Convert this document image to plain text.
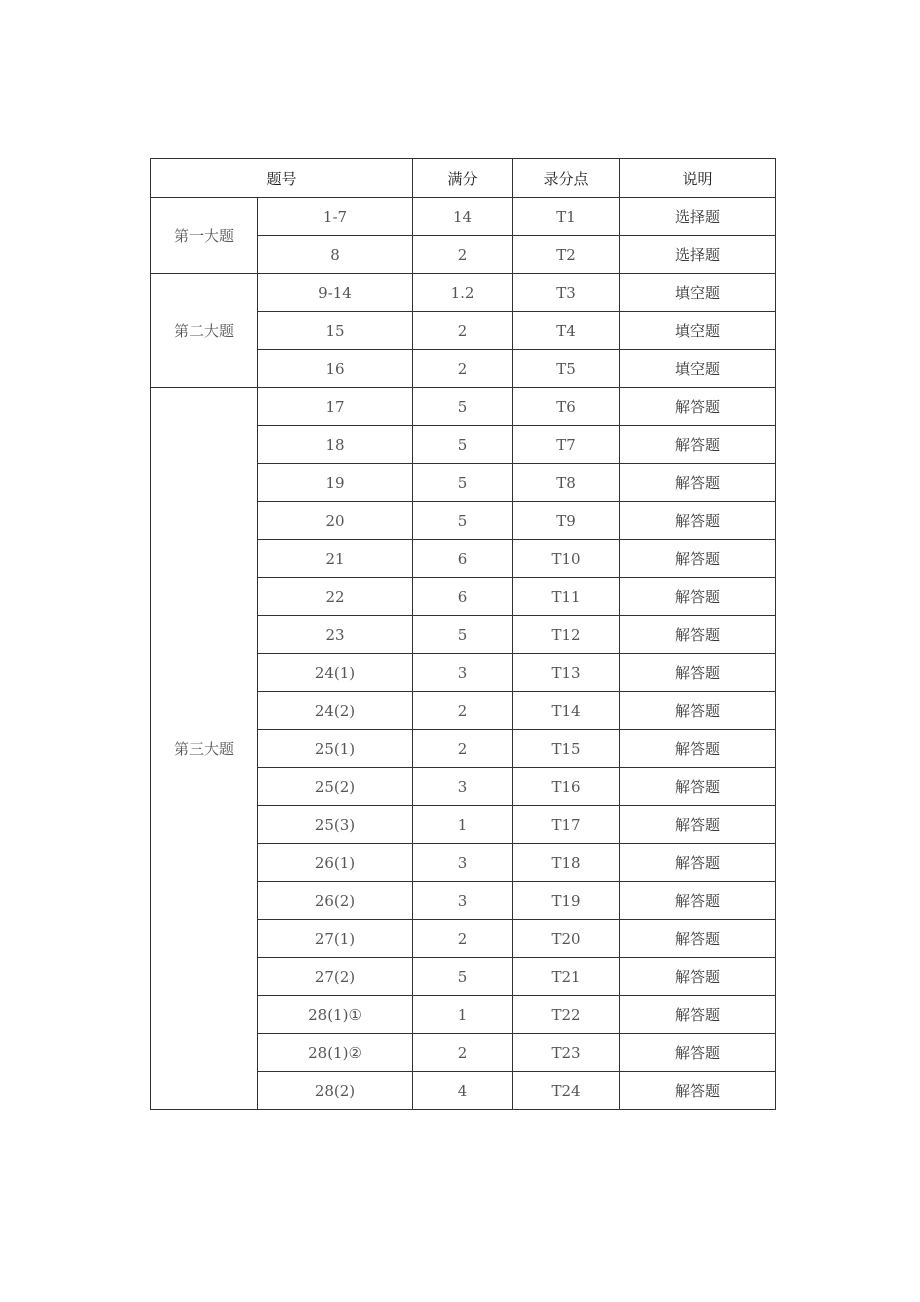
题号		满分	录分点	说明
第一大题	1-7	14	T1	选择题
	8	2	T2	选择题
第二大题	9-14	1.2	T3	填空题
	15	2	T4	填空题
	16	2	T5	填空题
第三大题	17	5	T6	解答题
	18	5	T7	解答题
	19	5	T8	解答题
	20	5	T9	解答题
	21	6	T10	解答题
	22	6	T11	解答题
	23	5	T12	解答题
	24(1)	3	T13	解答题
	24(2)	2	T14	解答题
	25(1)	2	T15	解答题
	25(2)	3	T16	解答题
	25(3)	1	T17	解答题
	26(1)	3	T18	解答题
	26(2)	3	T19	解答题
	27(1)	2	T20	解答题
	27(2)	5	T21	解答题
	28(1)①	1	T22	解答题
	28(1)②	2	T23	解答题
	28(2)	4	T24	解答题
